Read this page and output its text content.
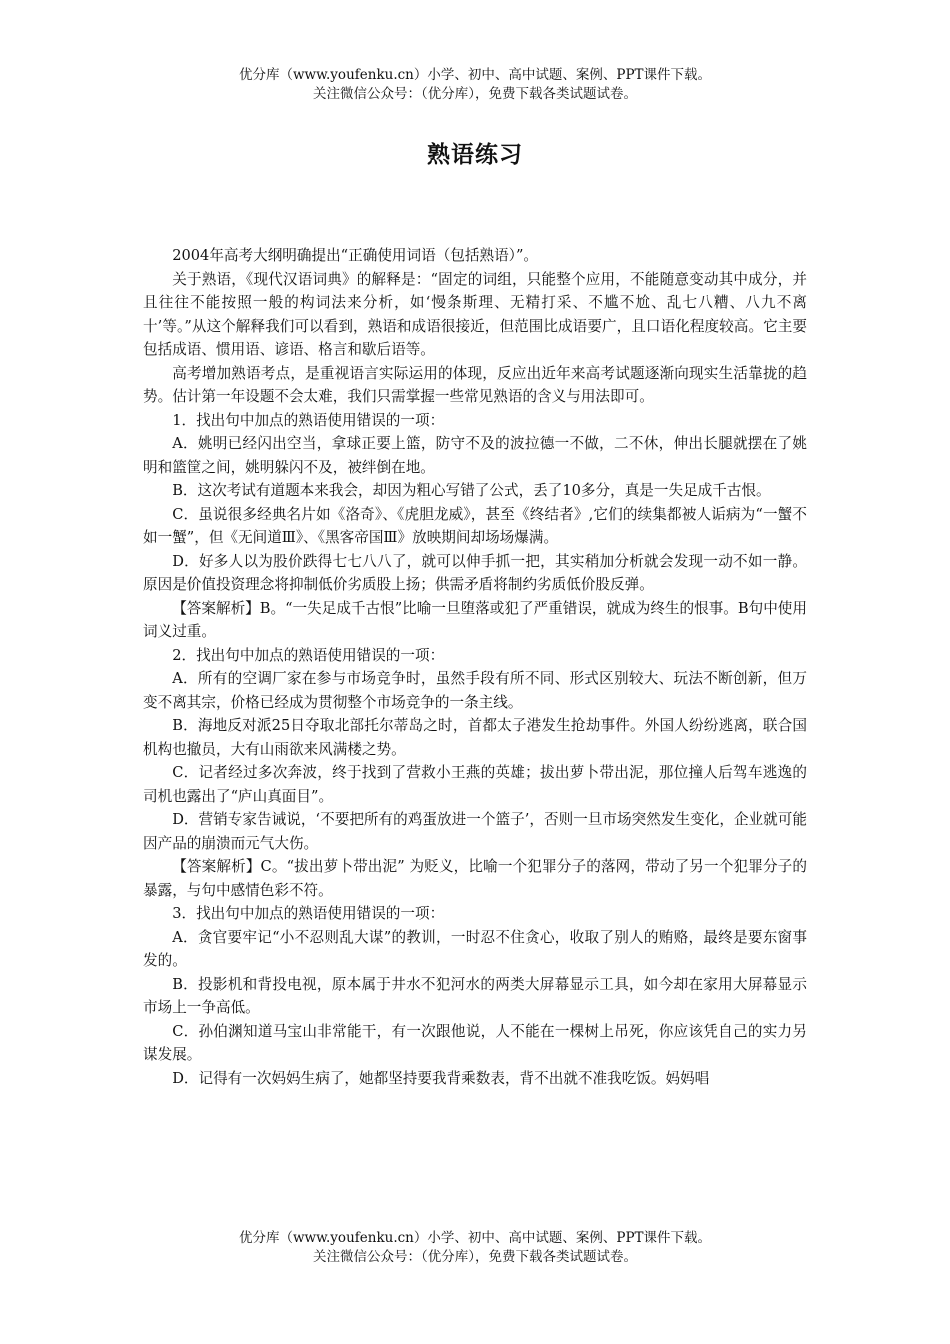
优分库（www.youfenku.cn）小学、初中、高中试题、案例、PPT课件下载。
关注微信公众号：（优分库），免费下载各类试题试卷。
熟语练习

2004年高考大纲明确提出“正确使用词语（包括熟语）”。

关于熟语，《现代汉语词典》的解释是：“固定的词组，只能整个应用，不能随意变动其中成分，并且往往不能按照一般的构词法来分析，如‘慢条斯理、无精打采、不尴不尬、乱七八糟、八九不离十’等。”从这个解释我们可以看到，熟语和成语很接近，但范围比成语要广，且口语化程度较高。它主要包括成语、惯用语、谚语、格言和歇后语等。

高考增加熟语考点，是重视语言实际运用的体现，反应出近年来高考试题逐渐向现实生活靠拢的趋势。估计第一年设题不会太难，我们只需掌握一些常见熟语的含义与用法即可。

1．找出句中加点的熟语使用错误的一项：

A．姚明已经闪出空当，拿球正要上篮，防守不及的波拉德一不做，二不休，伸出长腿就摆在了姚明和篮筐之间，姚明躲闪不及，被绊倒在地。

B．这次考试有道题本来我会，却因为粗心写错了公式，丢了10多分，真是一失足成千古恨。

C．虽说很多经典名片如《洛奇》、《虎胆龙威》，甚至《终结者》,它们的续集都被人诟病为“一蟹不如一蟹”，但《无间道Ⅲ》、《黑客帝国Ⅲ》放映期间却场场爆满。

D．好多人以为股价跌得七七八八了，就可以伸手抓一把，其实稍加分析就会发现一动不如一静。原因是价值投资理念将抑制低价劣质股上扬；供需矛盾将制约劣质低价股反弹。

【答案解析】B。“一失足成千古恨”比喻一旦堕落或犯了严重错误，就成为终生的恨事。B句中使用词义过重。

2．找出句中加点的熟语使用错误的一项：

A．所有的空调厂家在参与市场竞争时，虽然手段有所不同、形式区别较大、玩法不断创新，但万变不离其宗，价格已经成为贯彻整个市场竞争的一条主线。

B．海地反对派25日夺取北部托尔蒂岛之时，首都太子港发生抢劫事件。外国人纷纷逃离，联合国机构也撤员，大有山雨欲来风满楼之势。

C．记者经过多次奔波，终于找到了营救小王燕的英雄；拔出萝卜带出泥，那位撞人后驾车逃逸的司机也露出了“庐山真面目”。

D．营销专家告诫说，‘不要把所有的鸡蛋放进一个篮子’，否则一旦市场突然发生变化，企业就可能因产品的崩溃而元气大伤。

【答案解析】C。“拔出萝卜带出泥” 为贬义，比喻一个犯罪分子的落网，带动了另一个犯罪分子的暴露，与句中感情色彩不符。

3．找出句中加点的熟语使用错误的一项：

A．贪官要牢记“小不忍则乱大谋”的教训，一时忍不住贪心，收取了别人的贿赂，最终是要东窗事发的。

B．投影机和背投电视，原本属于井水不犯河水的两类大屏幕显示工具，如今却在家用大屏幕显示市场上一争高低。

C．孙伯渊知道马宝山非常能干，有一次跟他说，人不能在一棵树上吊死，你应该凭自己的实力另谋发展。

D．记得有一次妈妈生病了，她都坚持要我背乘数表，背不出就不准我吃饭。妈妈唱

优分库（www.youfenku.cn）小学、初中、高中试题、案例、PPT课件下载。
关注微信公众号：（优分库），免费下载各类试题试卷。
